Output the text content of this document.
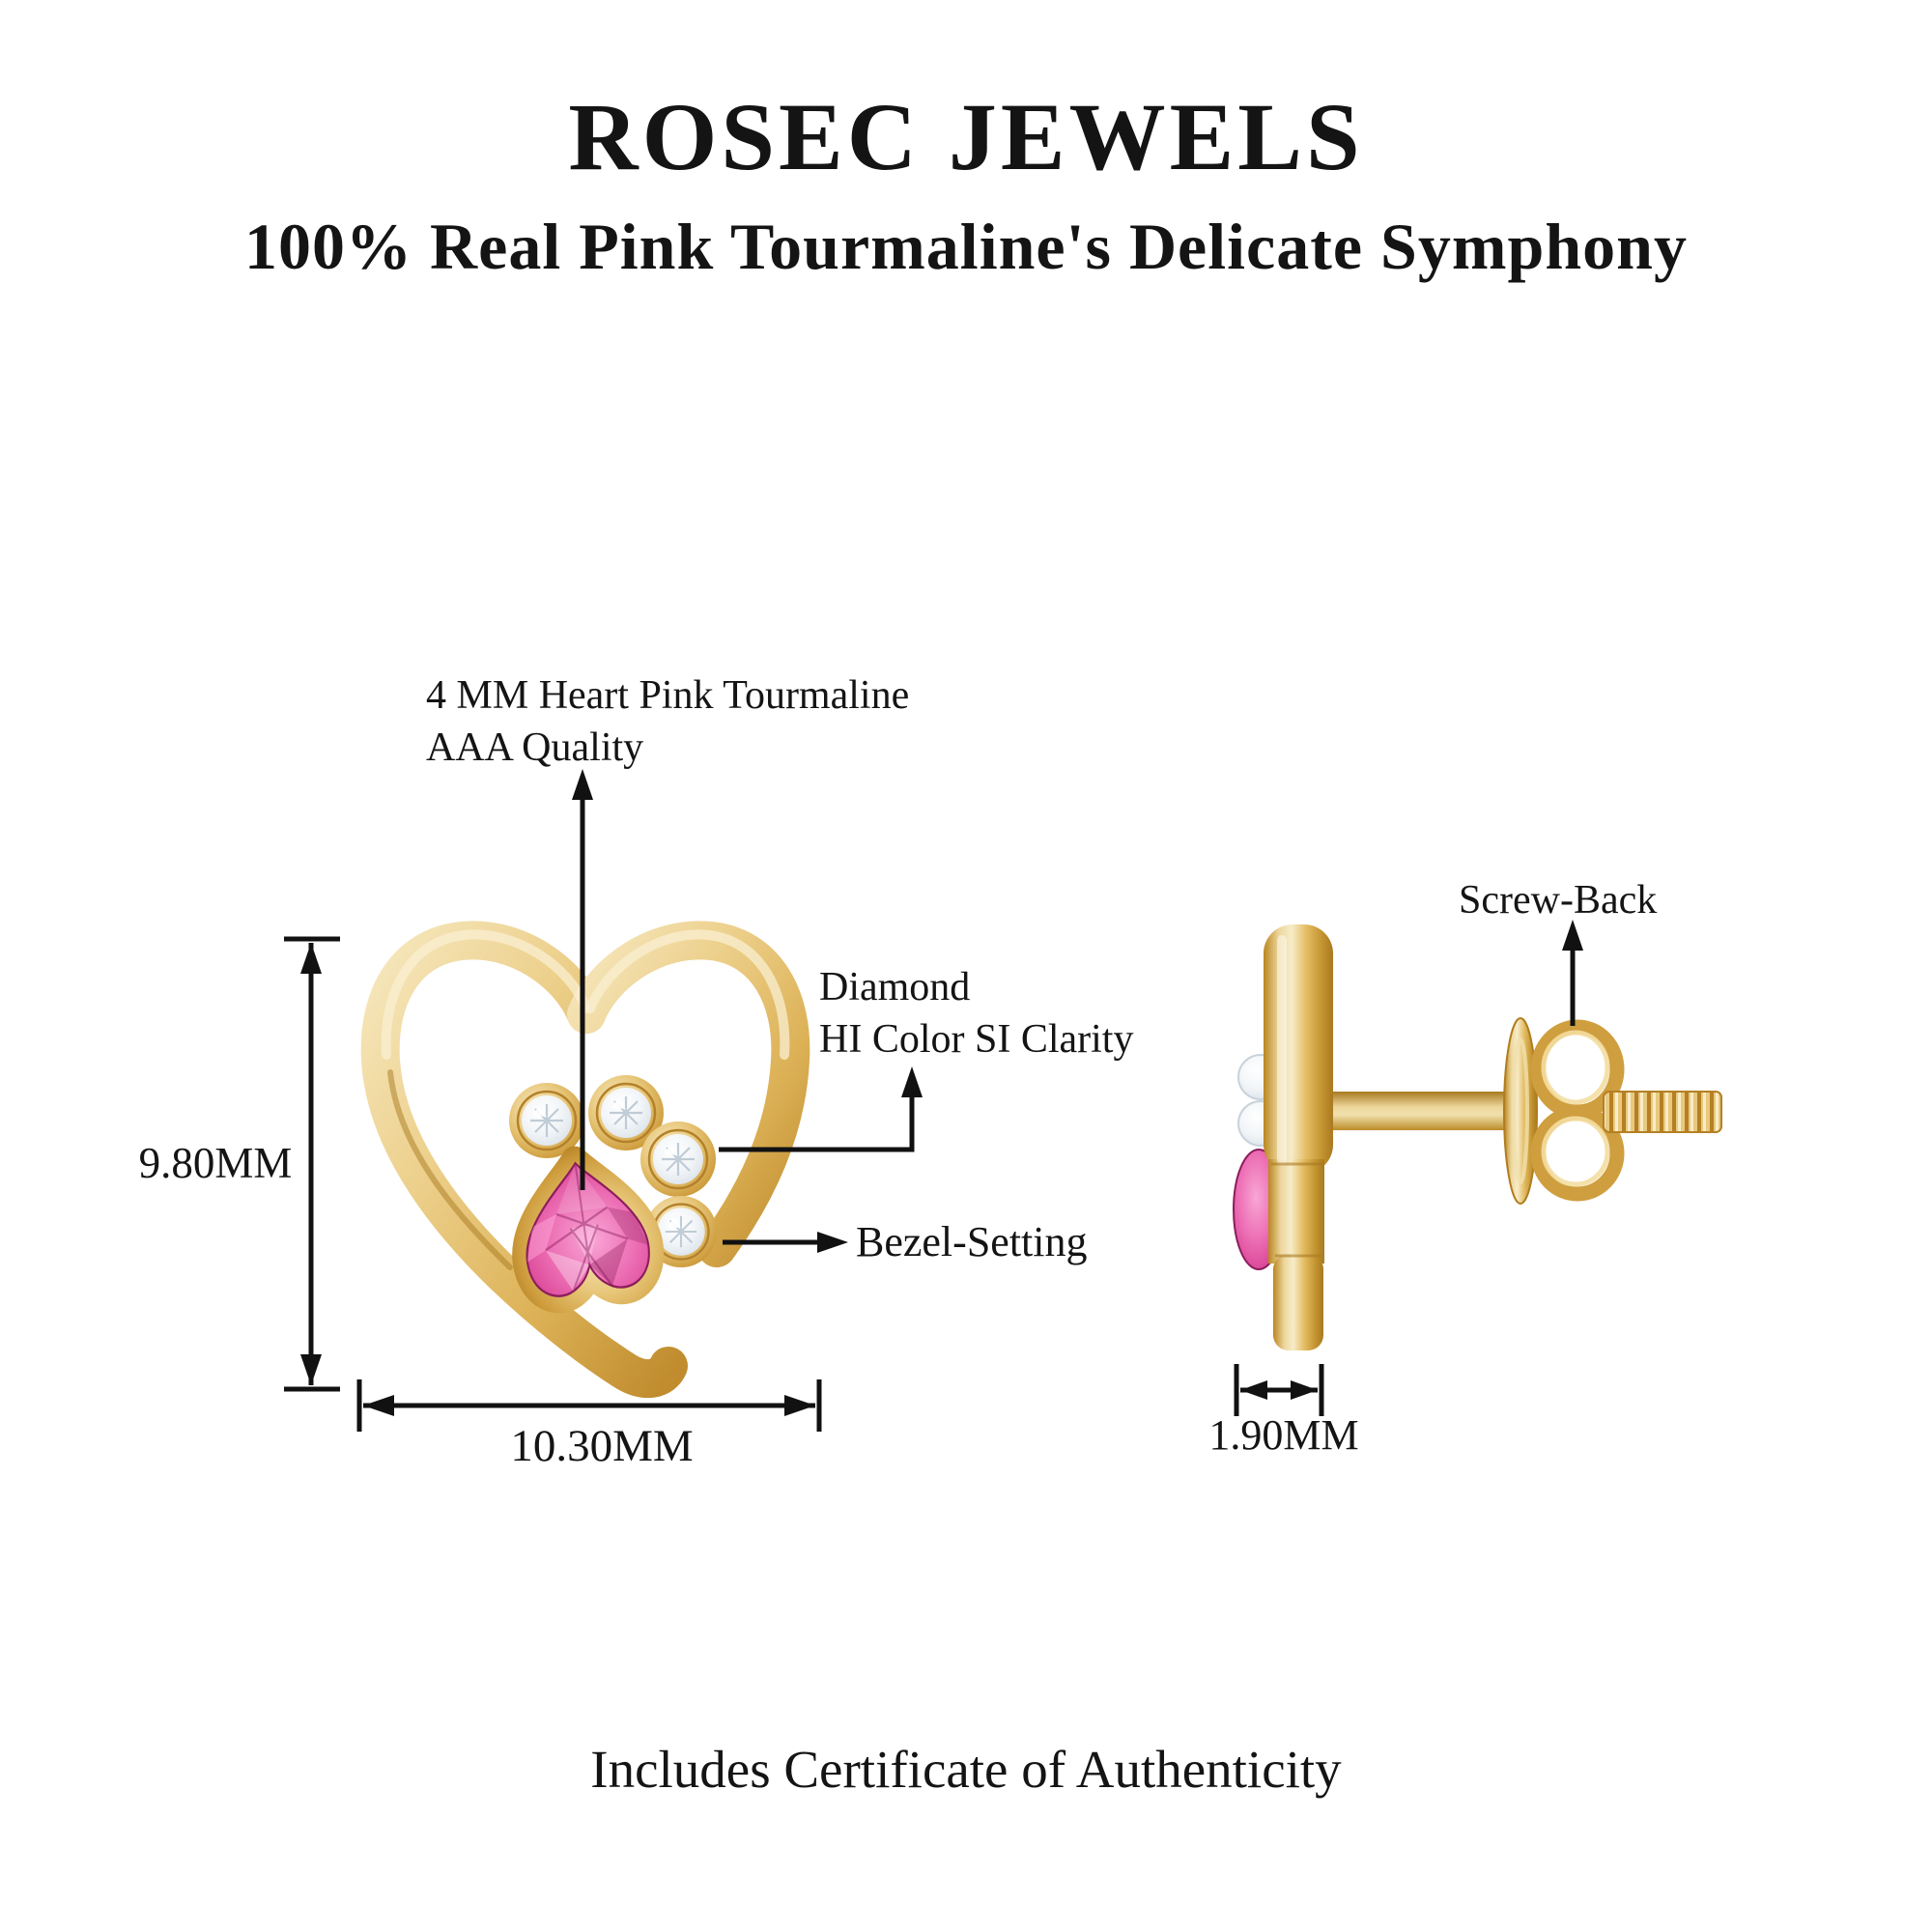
ROSEC JEWELS
100% Real Pink Tourmaline's Delicate Symphony
4 MM Heart Pink Tourmaline
AAA Quality
Diamond
HI Color SI Clarity
Bezel-Setting
Screw-Back
9.80MM
10.30MM	1.90MM
Includes Certificate of Authenticity
